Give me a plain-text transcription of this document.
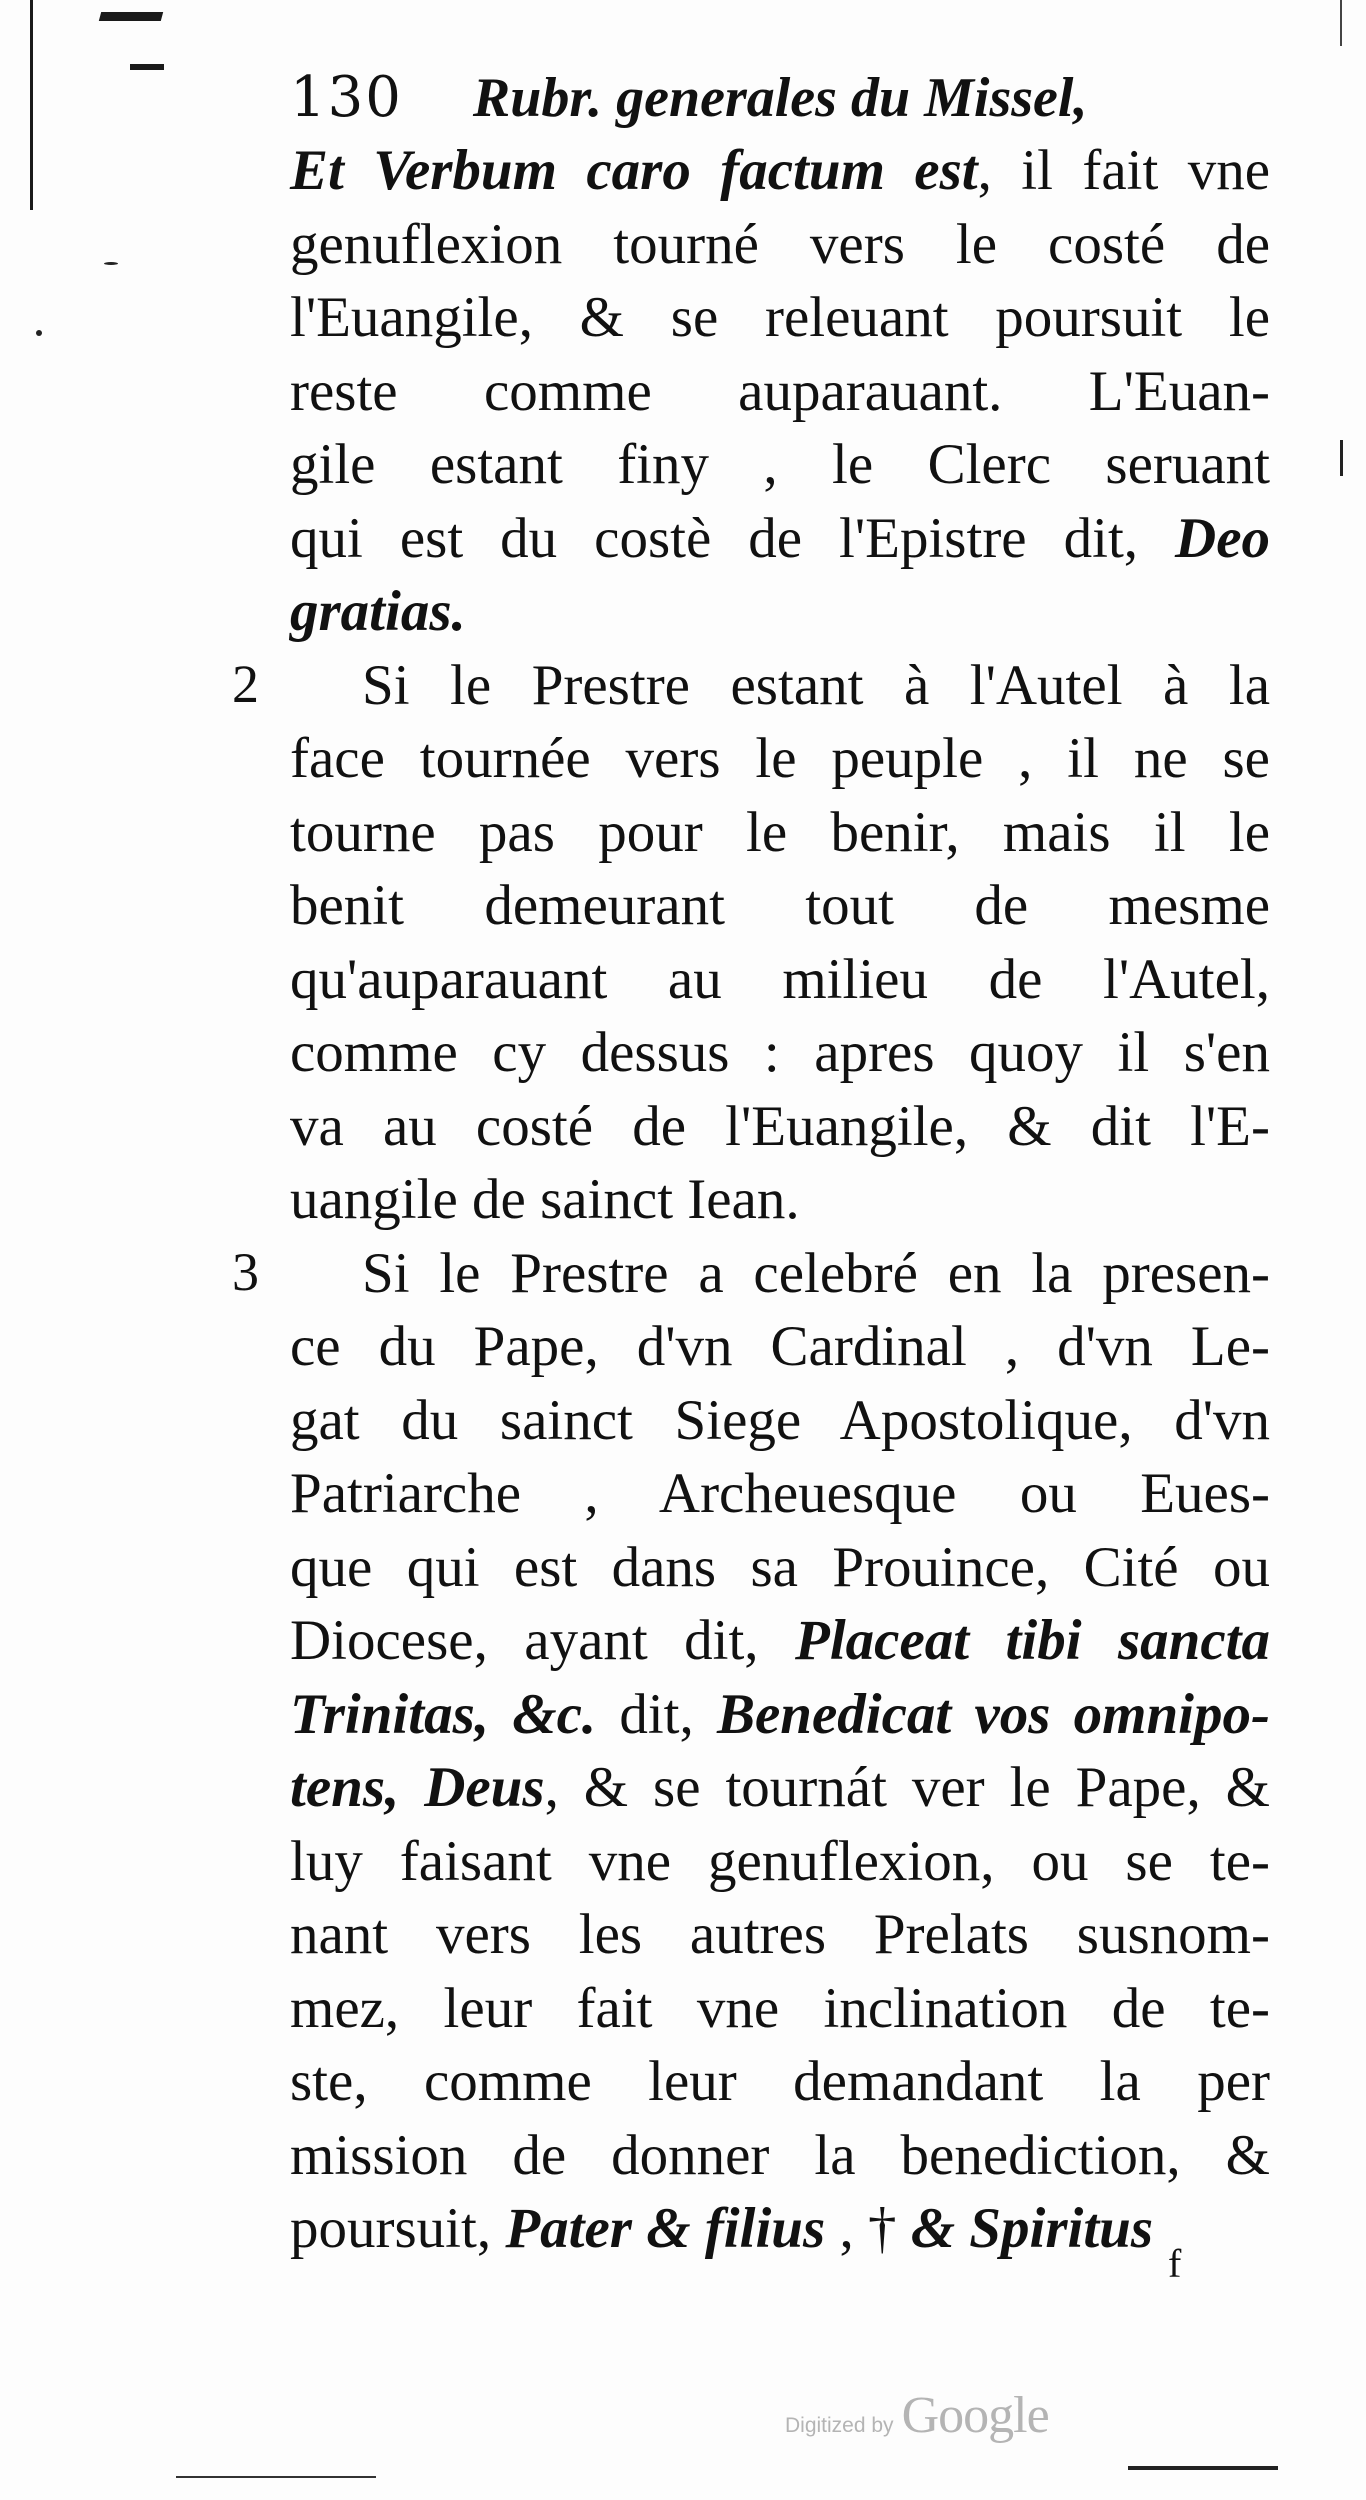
130 Rubr. generales du Missel,
Et Verbum caro factum est, il fait vne
genuflexion tourné vers le costé de
l'Euangile, & se releuant poursuit le
reste comme auparauant. L'Euan-
gile estant finy , le Clerc seruant
qui est du costè de l'Epistre dit, Deo
gratias.
Si le Prestre estant à l'Autel à la
face tournée vers le peuple , il ne se
tourne pas pour le benir, mais il le
benit demeurant tout de mesme
qu'auparauant au milieu de l'Autel,
comme cy dessus : apres quoy il s'en
va au costé de l'Euangile, & dit l'E-
uangile de sainct Iean.
Si le Prestre a celebré en la presen-
ce du Pape, d'vn Cardinal , d'vn Le-
gat du sainct Siege Apostolique, d'vn
Patriarche , Archeuesque ou Eues-
que qui est dans sa Prouince, Cité ou
Diocese, ayant dit, Placeat tibi sancta
Trinitas, &c. dit, Benedicat vos omnipo-
tens, Deus, & se tournát ver le Pape, &
luy faisant vne genuflexion, ou se te-
nant vers les autres Prelats susnom-
mez, leur fait vne inclination de te-
ste, comme leur demandant la per
mission de donner la benediction, &
poursuit, Pater & filius , † & Spiritus
f
Digitized by Google
2
3
